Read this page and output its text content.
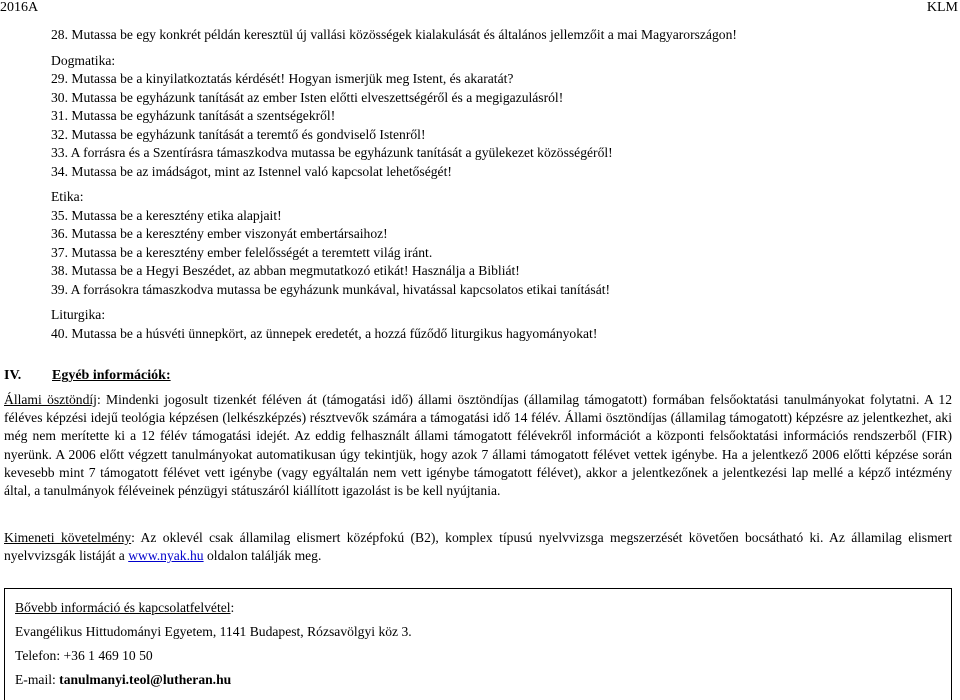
2016A	KLM
28. Mutassa be egy konkrét példán keresztül új vallási közösségek kialakulását és általános jellemzőit a mai Magyarországon!
Dogmatika:
29. Mutassa be a kinyilatkoztatás kérdését! Hogyan ismerjük meg Istent, és akaratát?
30. Mutassa be egyházunk tanítását az ember Isten előtti elveszettségéről és a megigazulásról!
31. Mutassa be egyházunk tanítását a szentségekről!
32. Mutassa be egyházunk tanítását a teremtő és gondviselő Istenről!
33. A forrásra és a Szentírásra támaszkodva mutassa be egyházunk tanítását a gyülekezet közösségéről!
34. Mutassa be az imádságot, mint az Istennel való kapcsolat lehetőségét!
Etika:
35. Mutassa be a keresztény etika alapjait!
36. Mutassa be a keresztény ember viszonyát embertársaihoz!
37. Mutassa be a keresztény ember felelősségét a teremtett világ iránt.
38. Mutassa be a Hegyi Beszédet, az abban megmutatkozó etikát! Használja a Bibliát!
39. A forrásokra támaszkodva mutassa be egyházunk munkával, hivatással kapcsolatos etikai tanítását!
Liturgika:
40. Mutassa be a húsvéti ünnepkört, az ünnepek eredetét, a hozzá fűződő liturgikus hagyományokat!
IV. Egyéb információk:
Állami ösztöndíj: Mindenki jogosult tizenkét féléven át (támogatási idő) állami ösztöndíjas (államilag támogatott) formában felsőoktatási tanulmányokat folytatni. A 12 féléves képzési idejű teológia képzésen (lelkészképzés) résztvevők számára a támogatási idő 14 félév. Állami ösztöndíjas (államilag támogatott) képzésre az jelentkezhet, aki még nem merítette ki a 12 félév támogatási idejét. Az eddig felhasznált állami támogatott félévekről információt a központi felsőoktatási információs rendszerből (FIR) nyerünk. A 2006 előtt végzett tanulmányokat automatikusan úgy tekintjük, hogy azok 7 állami támogatott félévet vettek igénybe. Ha a jelentkező 2006 előtti képzése során kevesebb mint 7 támogatott félévet vett igénybe (vagy egyáltalán nem vett igénybe támogatott félévet), akkor a jelentkezőnek a jelentkezési lap mellé a képző intézmény által, a tanulmányok féléveinek pénzügyi státuszáról kiállított igazolást is be kell nyújtania.
Kimeneti követelmény: Az oklevél csak államilag elismert középfokú (B2), komplex típusú nyelvvizsga megszerzését követően bocsátható ki. Az államilag elismert nyelvvizsgák listáját a www.nyak.hu oldalon találják meg.
Bővebb információ és kapcsolatfelvétel:
Evangélikus Hittudományi Egyetem, 1141 Budapest, Rózsavölgyi köz 3.
Telefon: +36 1 469 10 50
E-mail: tanulmanyi.teol@lutheran.hu
